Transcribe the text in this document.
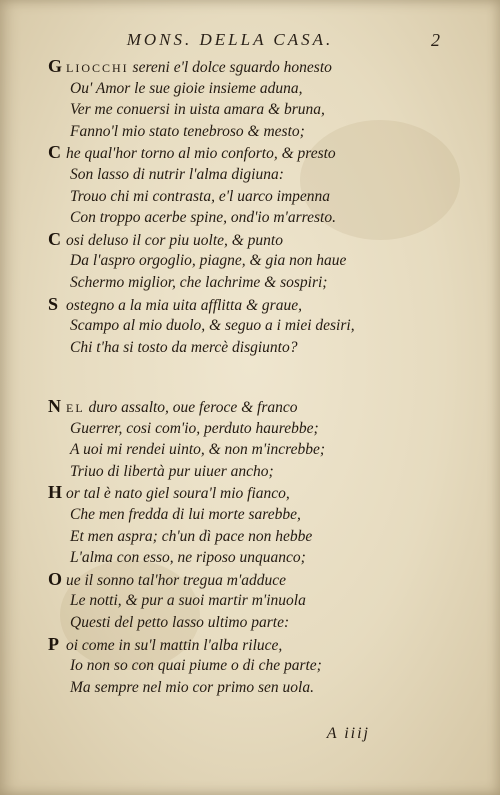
MONS. DELLA CASA.	2
GLIOCCHI sereni e'l dolce sguardo honesto
Ou' Amor le sue gioie insieme aduna,
Ver me conuersi in uista amara & bruna,
Fanno'l mio stato tenebroso & mesto;
C he qual'hor torno al mio conforto, & presto
Son lasso di nutrir l'alma digiuna:
Trouo chi mi contrasta, e'l uarco impenna
Con troppo acerbe spine, ond'io m'arresto.
C osi deluso il cor piu uolte, & punto
Da l'aspro orgoglio, piagne, & gia non haue
Schermo miglior, che lachrime & sospiri;
S ostegno a la mia uita afflitta & graue,
Scampo al mio duolo, & seguo a i miei desiri,
Chi t'ha si tosto da mercè disgiunto?
NEL duro assalto, oue feroce & franco
Guerrer, cosi com'io, perduto haurebbe;
A uoi mi rendei uinto, & non m'increbbe;
Triuo di libertà pur uiuer ancho;
H or tal è nato giel soura'l mio fianco,
Che men fredda di lui morte sarebbe,
Et men aspra; ch'un dì pace non hebbe
L'alma con esso, ne riposo unquanco;
O ue il sonno tal'hor tregua m'adduce
Le notti, & pur a suoi martir m'inuola
Questi del petto lasso ultimo parte:
P oi come in su'l mattin l'alba riluce,
Io non so con quai piume o di che parte;
Ma sempre nel mio cor primo sen uola.
A iiij
